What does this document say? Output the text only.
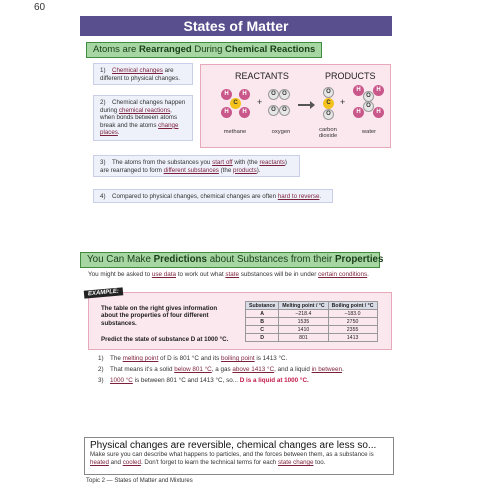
60
States of Matter
Atoms are Rearranged During Chemical Reactions
1) Chemical changes are different to physical changes.
2) Chemical changes happen during chemical reactions, when bonds between atoms break and the atoms change places.
REACTANTS	PRODUCTS
H	H
C
H	H
+
O	O
O	O
O
C
O
+
H
O
H
H
O
H
methane	oxygen	carbon dioxide
water
3) The atoms from the substances you start off with (the reactants) are rearranged to form different substances (the products).
4) Compared to physical changes, chemical changes are often hard to reverse.
You Can Make Predictions about Substances from their Properties
You might be asked to use data to work out what state substances will be in under certain conditions.
The table on the right gives information about the properties of four different substances.
Predict the state of substance D at 1000 °C.
Substance	Melting point / °C	Boiling point / °C
A	–218.4	–183.0
B	1535	2750
C	1410	2355
D	801	1413
EXAMPLE:
1) The melting point of D is 801 °C and its boiling point is 1413 °C.
2) That means it's a solid below 801 °C, a gas above 1413 °C, and a liquid in between.
3) 1000 °C is between 801 °C and 1413 °C, so... D is a liquid at 1000 °C.
Physical changes are reversible, chemical changes are less so...
Make sure you can describe what happens to particles, and the forces between them, as a substance is heated and cooled. Don't forget to learn the technical terms for each state change too.
Topic 2 — States of Matter and Mixtures
